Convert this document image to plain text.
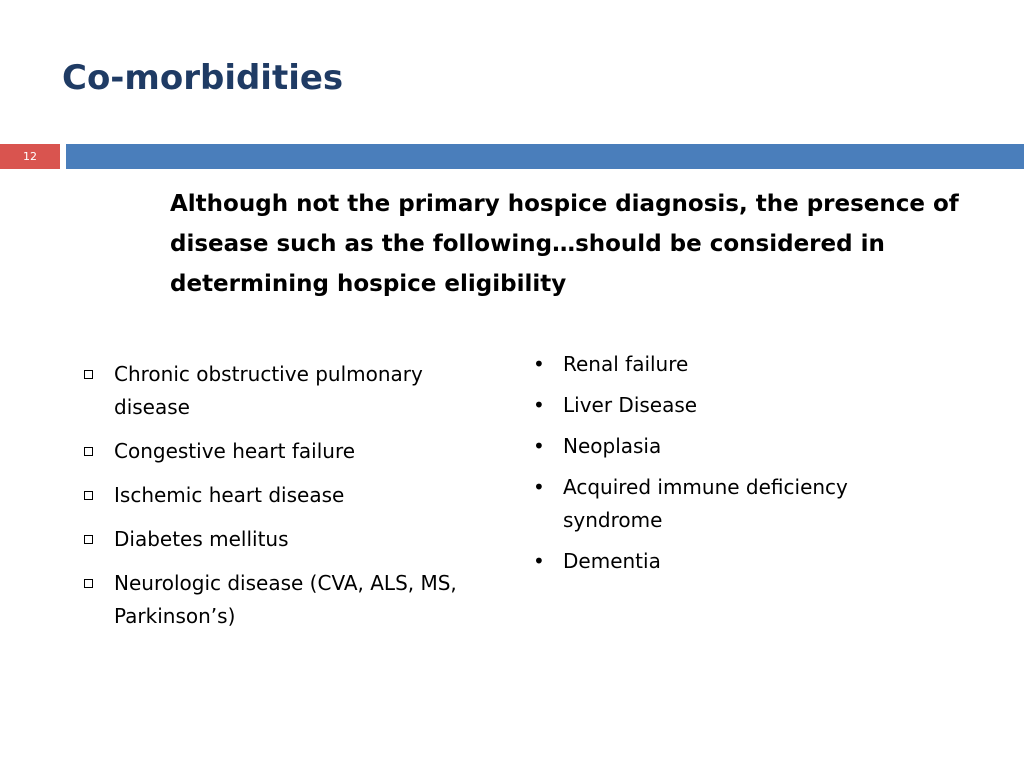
Co-morbidities
12

Although not the primary hospice diagnosis, the presence of disease such as the following…should be considered in determining hospice eligibility

Chronic obstructive pulmonary disease
Congestive heart failure
Ischemic heart disease
Diabetes mellitus
Neurologic disease (CVA, ALS, MS, Parkinson’s)
• Renal failure
• Liver Disease
• Neoplasia
• Acquired immune deficiency syndrome
• Dementia
